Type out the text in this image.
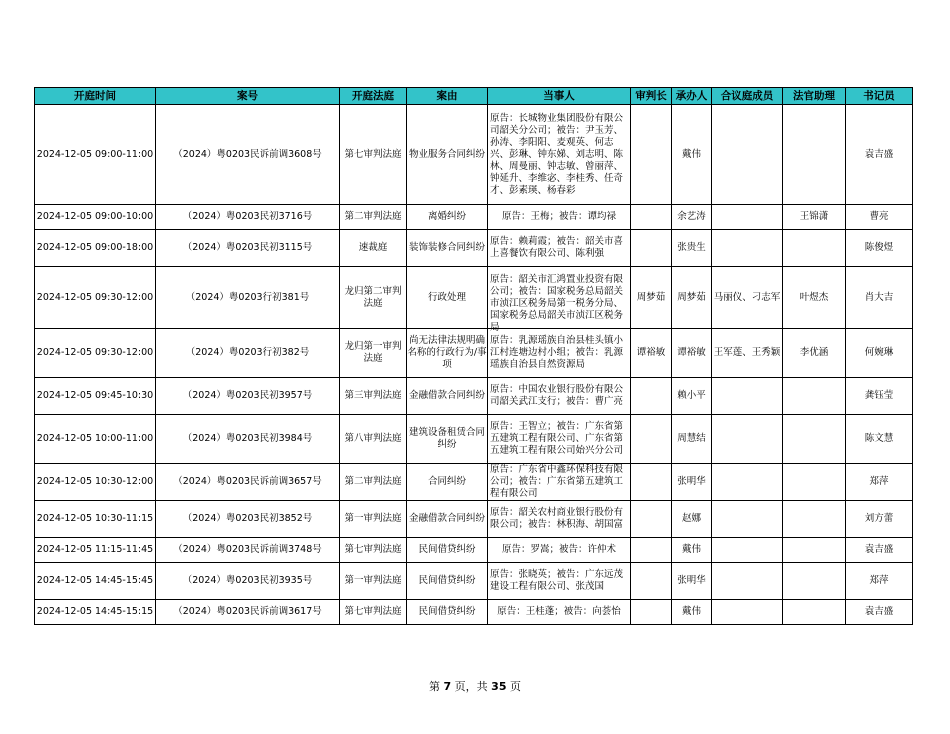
开庭时间	案号	开庭法庭	案由	当事人	审判长	承办人	合议庭成员	法官助理	书记员

2024-12-05 09:00-11:00	（2024）粤0203民诉前调3608号	第七审判法庭	物业服务合同纠纷	原告：长城物业集团股份有限公司韶关分公司；被告：尹玉芳、孙涛、李阳阳、麦观英、何志兴、彭琳、钟东娣、刘志明、陈林、周曼丽、钟志敏、曾丽萍、钟延升、李维宓、李桂秀、任奇才、彭素瑛、杨春彩		戴伟			袁吉盛

2024-12-05 09:00-10:00	（2024）粤0203民初3716号	第二审判法庭	离婚纠纷	原告：王梅；被告：谭均禄		余艺涛		王锦潇	曹亮

2024-12-05 09:00-18:00	（2024）粤0203民初3115号	速裁庭	装饰装修合同纠纷	原告：赖莉霞；被告：韶关市喜上喜餐饮有限公司、陈利强		张贵生			陈俊煜

2024-12-05 09:30-12:00	（2024）粤0203行初381号	龙归第二审判法庭	行政处理	原告：韶关市汇鸿置业投资有限公司；被告：国家税务总局韶关市浈江区税务局第一税务分局、国家税务总局韶关市浈江区税务局	周梦茹	周梦茹	马丽仪、刁志军	叶煜杰	肖大吉

2024-12-05 09:30-12:00	（2024）粤0203行初382号	龙归第一审判法庭	尚无法律法规明确名称的行政行为/事项	原告：乳源瑶族自治县桂头镇小江村连塘边村小组；被告：乳源瑶族自治县自然资源局	谭裕敏	谭裕敏	王军莲、王秀颖	李优涵	何婉琳

2024-12-05 09:45-10:30	（2024）粤0203民初3957号	第三审判法庭	金融借款合同纠纷	原告：中国农业银行股份有限公司韶关武江支行；被告：曹广亮		赖小平			龚钰莹

2024-12-05 10:00-11:00	（2024）粤0203民初3984号	第八审判法庭	建筑设备租赁合同纠纷	原告：王智立；被告：广东省第五建筑工程有限公司、广东省第五建筑工程有限公司始兴分公司		周慧结			陈文慧

2024-12-05 10:30-12:00	（2024）粤0203民诉前调3657号	第二审判法庭	合同纠纷	原告：广东省中鑫环保科技有限公司；被告：广东省第五建筑工程有限公司		张明华			郑萍

2024-12-05 10:30-11:15	（2024）粤0203民初3852号	第一审判法庭	金融借款合同纠纷	原告：韶关农村商业银行股份有限公司；被告：林积海、胡国富		赵娜			刘方蕾

2024-12-05 11:15-11:45	（2024）粤0203民诉前调3748号	第七审判法庭	民间借贷纠纷	原告：罗嵩；被告：许仲术		戴伟			袁吉盛

2024-12-05 14:45-15:45	（2024）粤0203民初3935号	第一审判法庭	民间借贷纠纷	原告：张晓英；被告：广东远茂建设工程有限公司、张茂国		张明华			郑萍

2024-12-05 14:45-15:15	（2024）粤0203民诉前调3617号	第七审判法庭	民间借贷纠纷	原告：王桂蓬；被告：向荟怡		戴伟			袁吉盛
第 7 页，共 35 页
